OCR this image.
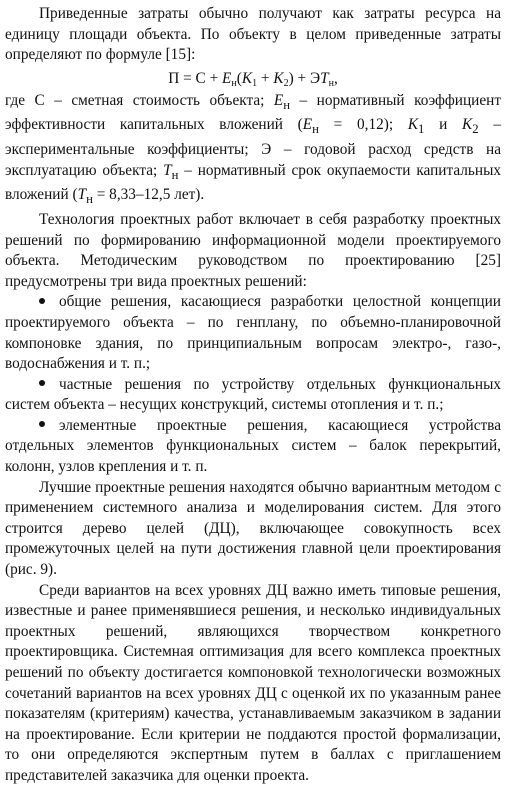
Приведенные затраты обычно получают как затраты ресурса на единицу площади объекта. По объекту в целом приведенные затраты определяют по формуле [15]:

$П = С + E_н(K_1 + K_2) + ЭT_н$,

где С – сметная стоимость объекта; $E_н$ – нормативный коэффициент эффективности капитальных вложений $(E_н = 0,12)$; $K_1$ и $K_2$ – экспериментальные коэффициенты; Э – годовой расход средств на эксплуатацию объекта; $T_н$ – нормативный срок окупаемости капитальных вложений ($T_н = 8,33-12,5$ лет).

Технология проектных работ включает в себя разработку проектных решений по формированию информационной модели проектируемого объекта. Методическим руководством по проектированию [25] предусмотрены три вида проектных решений:

общие решения, касающиеся разработки целостной концепции проектируемого объекта – по генплану, по объемно-планировочной компоновке здания, по принципиальным вопросам электро-, газо-, водоснабжения и т. п.;

частные решения по устройству отдельных функциональных систем объекта – несущих конструкций, системы отопления и т. п.;

элементные проектные решения, касающиеся устройства отдельных элементов функциональных систем – балок перекрытий, колонн, узлов крепления и т. п.

Лучшие проектные решения находятся обычно вариантным методом с применением системного анализа и моделирования систем. Для этого строится дерево целей (ДЦ), включающее совокупность всех промежуточных целей на пути достижения главной цели проектирования (рис. 9).

Среди вариантов на всех уровнях ДЦ важно иметь типовые решения, известные и ранее применявшиеся решения, и несколько индивидуальных проектных решений, являющихся творчеством конкретного проектировщика. Системная оптимизация для всего комплекса проектных решений по объекту достигается компоновкой технологически возможных сочетаний вариантов на всех уровнях ДЦ с оценкой их по указанным ранее показателям (критериям) качества, устанавливаемым заказчиком в задании на проектирование. Если критерии не поддаются простой формализации, то они определяются экспертным путем в баллах с приглашением представителей заказчика для оценки проекта.
